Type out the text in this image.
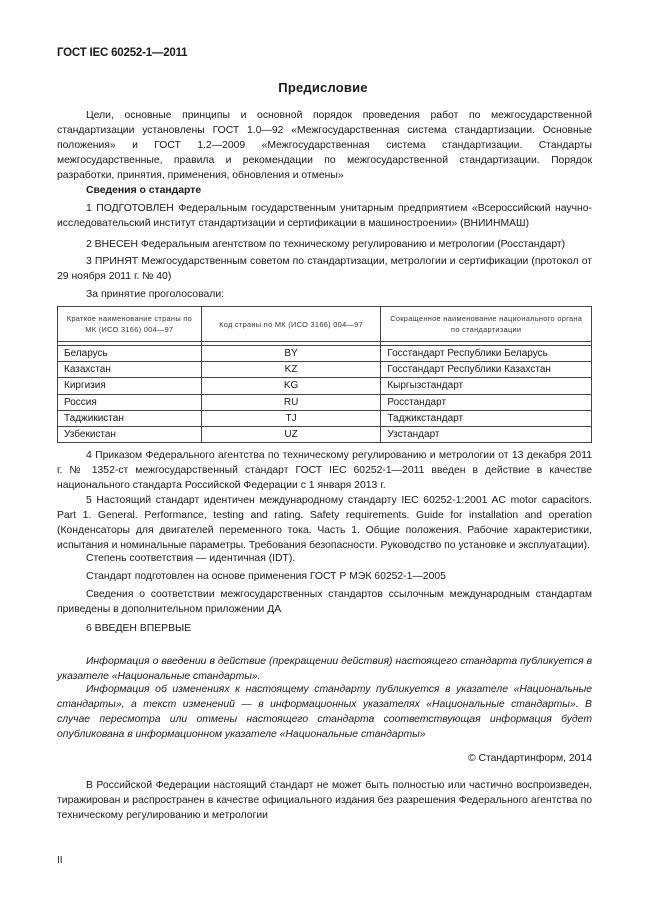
ГОСТ IEC 60252-1—2011
Предисловие
Цели, основные принципы и основной порядок проведения работ по межгосударственной стандартизации установлены ГОСТ 1.0—92 «Межгосударственная система стандартизации. Основные положения» и ГОСТ 1.2—2009 «Межгосударственная система стандартизации. Стандарты межгосударственные, правила и рекомендации по межгосударственной стандартизации. Порядок разработки, принятия, применения, обновления и отмены»
Сведения о стандарте
1 ПОДГОТОВЛЕН Федеральным государственным унитарным предприятием «Всероссийский научно-исследовательский институт стандартизации и сертификации в машиностроении» (ВНИИНМАШ)
2 ВНЕСЕН Федеральным агентством по техническому регулированию и метрологии (Росстандарт)
3 ПРИНЯТ Межгосударственным советом по стандартизации, метрологии и сертификации (протокол от 29 ноября 2011 г. № 40)
За принятие проголосовали:
Краткое наименование страны по МК (ИСО 3166) 004—97	Код страны по МК (ИСО 3166) 004—97	Сокращенное наименование национального органа по стандартизации

Беларусь	BY	Госстандарт Республики Беларусь
Казахстан	KZ	Госстандарт Республики Казахстан
Киргизия	KG	Кыргызстандарт
Россия	RU	Росстандарт
Таджикистан	TJ	Таджикстандарт
Узбекистан	UZ	Узстандарт
4 Приказом Федерального агентства по техническому регулированию и метрологии от 13 декабря 2011 г. № 1352-ст межгосударственный стандарт ГОСТ IEC 60252-1—2011 введен в действие в качестве национального стандарта Российской Федерации с 1 января 2013 г.
5 Настоящий стандарт идентичен международному стандарту IEC 60252-1:2001 AC motor capacitors. Part 1. General. Performance, testing and rating. Safety requirements. Guide for installation and operation (Конденсаторы для двигателей переменного тока. Часть 1. Общие положения. Рабочие характеристики, испытания и номинальные параметры. Требования безопасности. Руководство по установке и эксплуатации).
Степень соответствия — идентичная (IDT).
Стандарт подготовлен на основе применения ГОСТ Р МЭК 60252-1—2005
Сведения о соответствии межгосударственных стандартов ссылочным международным стандартам приведены в дополнительном приложении ДА
6 ВВЕДЕН ВПЕРВЫЕ
Информация о введении в действие (прекращении действия) настоящего стандарта публикуется в указателе «Национальные стандарты».
Информация об изменениях к настоящему стандарту публикуется в указателе «Национальные стандарты», а текст изменений — в информационных указателях «Национальные стандарты». В случае пересмотра или отмены настоящего стандарта соответствующая информация будет опубликована в информационном указателе «Национальные стандарты»
© Стандартинформ, 2014
В Российской Федерации настоящий стандарт не может быть полностью или частично воспроизведен, тиражирован и распространен в качестве официального издания без разрешения Федерального агентства по техническому регулированию и метрологии
II
